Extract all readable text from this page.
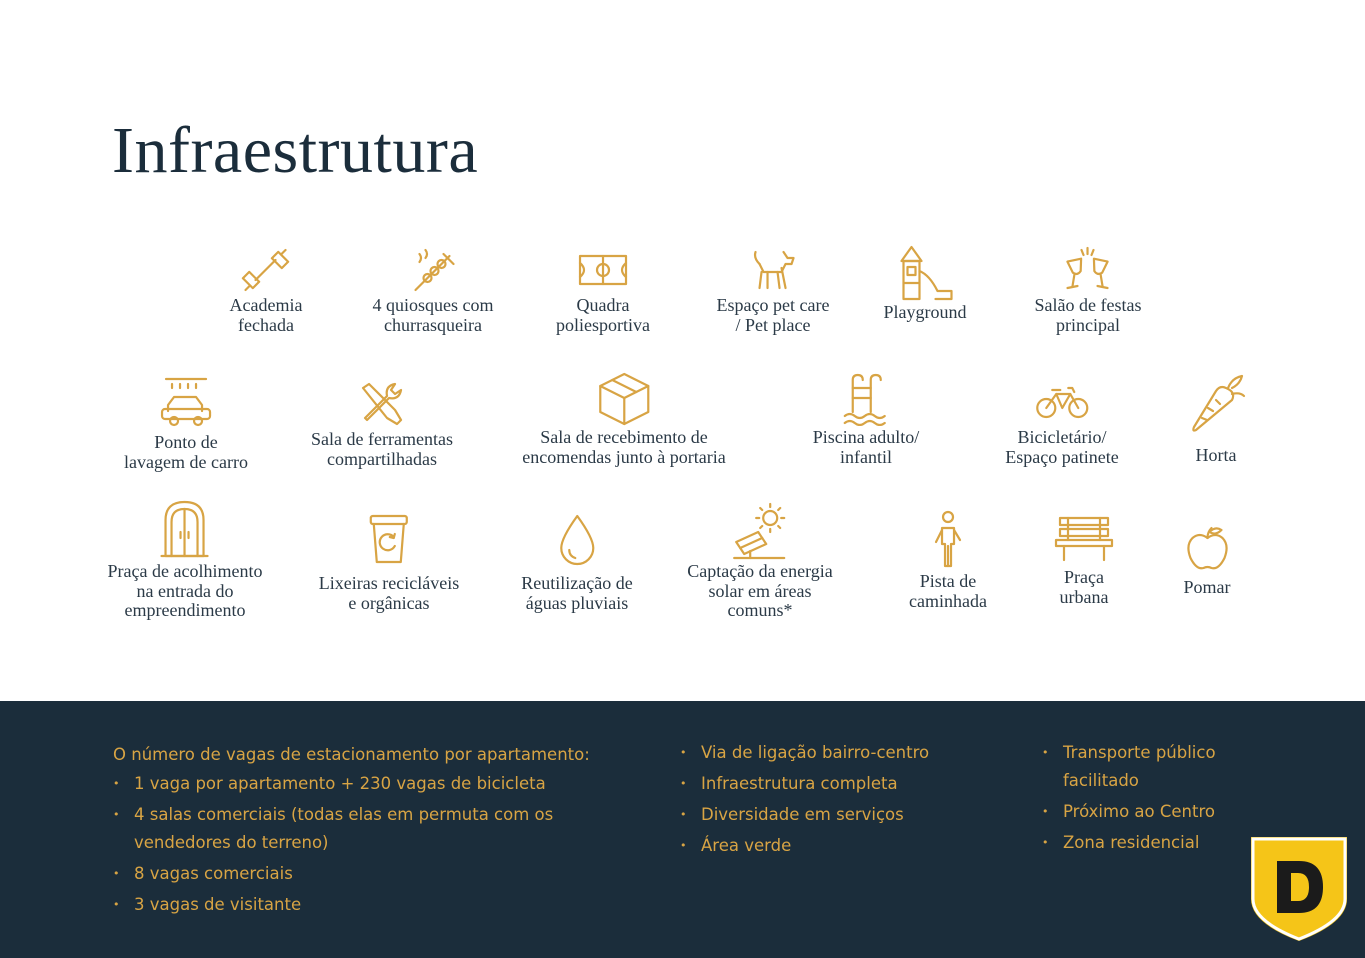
Infraestrutura
Academia
fechada
4 quiosques com
churrasqueira
Quadra
poliesportiva
Espaço pet care
/ Pet place
Playground	Salão de festas
principal
Ponto de
lavagem de carro
Sala de ferramentas
compartilhadas
Sala de recebimento de
encomendas junto à portaria
Piscina adulto/
infantil
Bicicletário/
Espaço patinete	Horta
Praça de acolhimento
na entrada do
empreendimento
Lixeiras recicláveis
e orgânicas
Reutilização de
águas pluviais
Captação da energia
solar em áreas
comuns*
Pista de
caminhada
Praça
urbana	Pomar

O número de vagas de estacionamento por apartamento:

• 1 vaga por apartamento + 230 vagas de bicicleta
• 4 salas comerciais (todas elas em permuta com os vendedores do terreno)
• 8 vagas comerciais
• 3 vagas de visitante
• Via de ligação bairro-centro
• Infraestrutura completa
• Diversidade em serviços
• Área verde
• Transporte público facilitado
• Próximo ao Centro
• Zona residencial
